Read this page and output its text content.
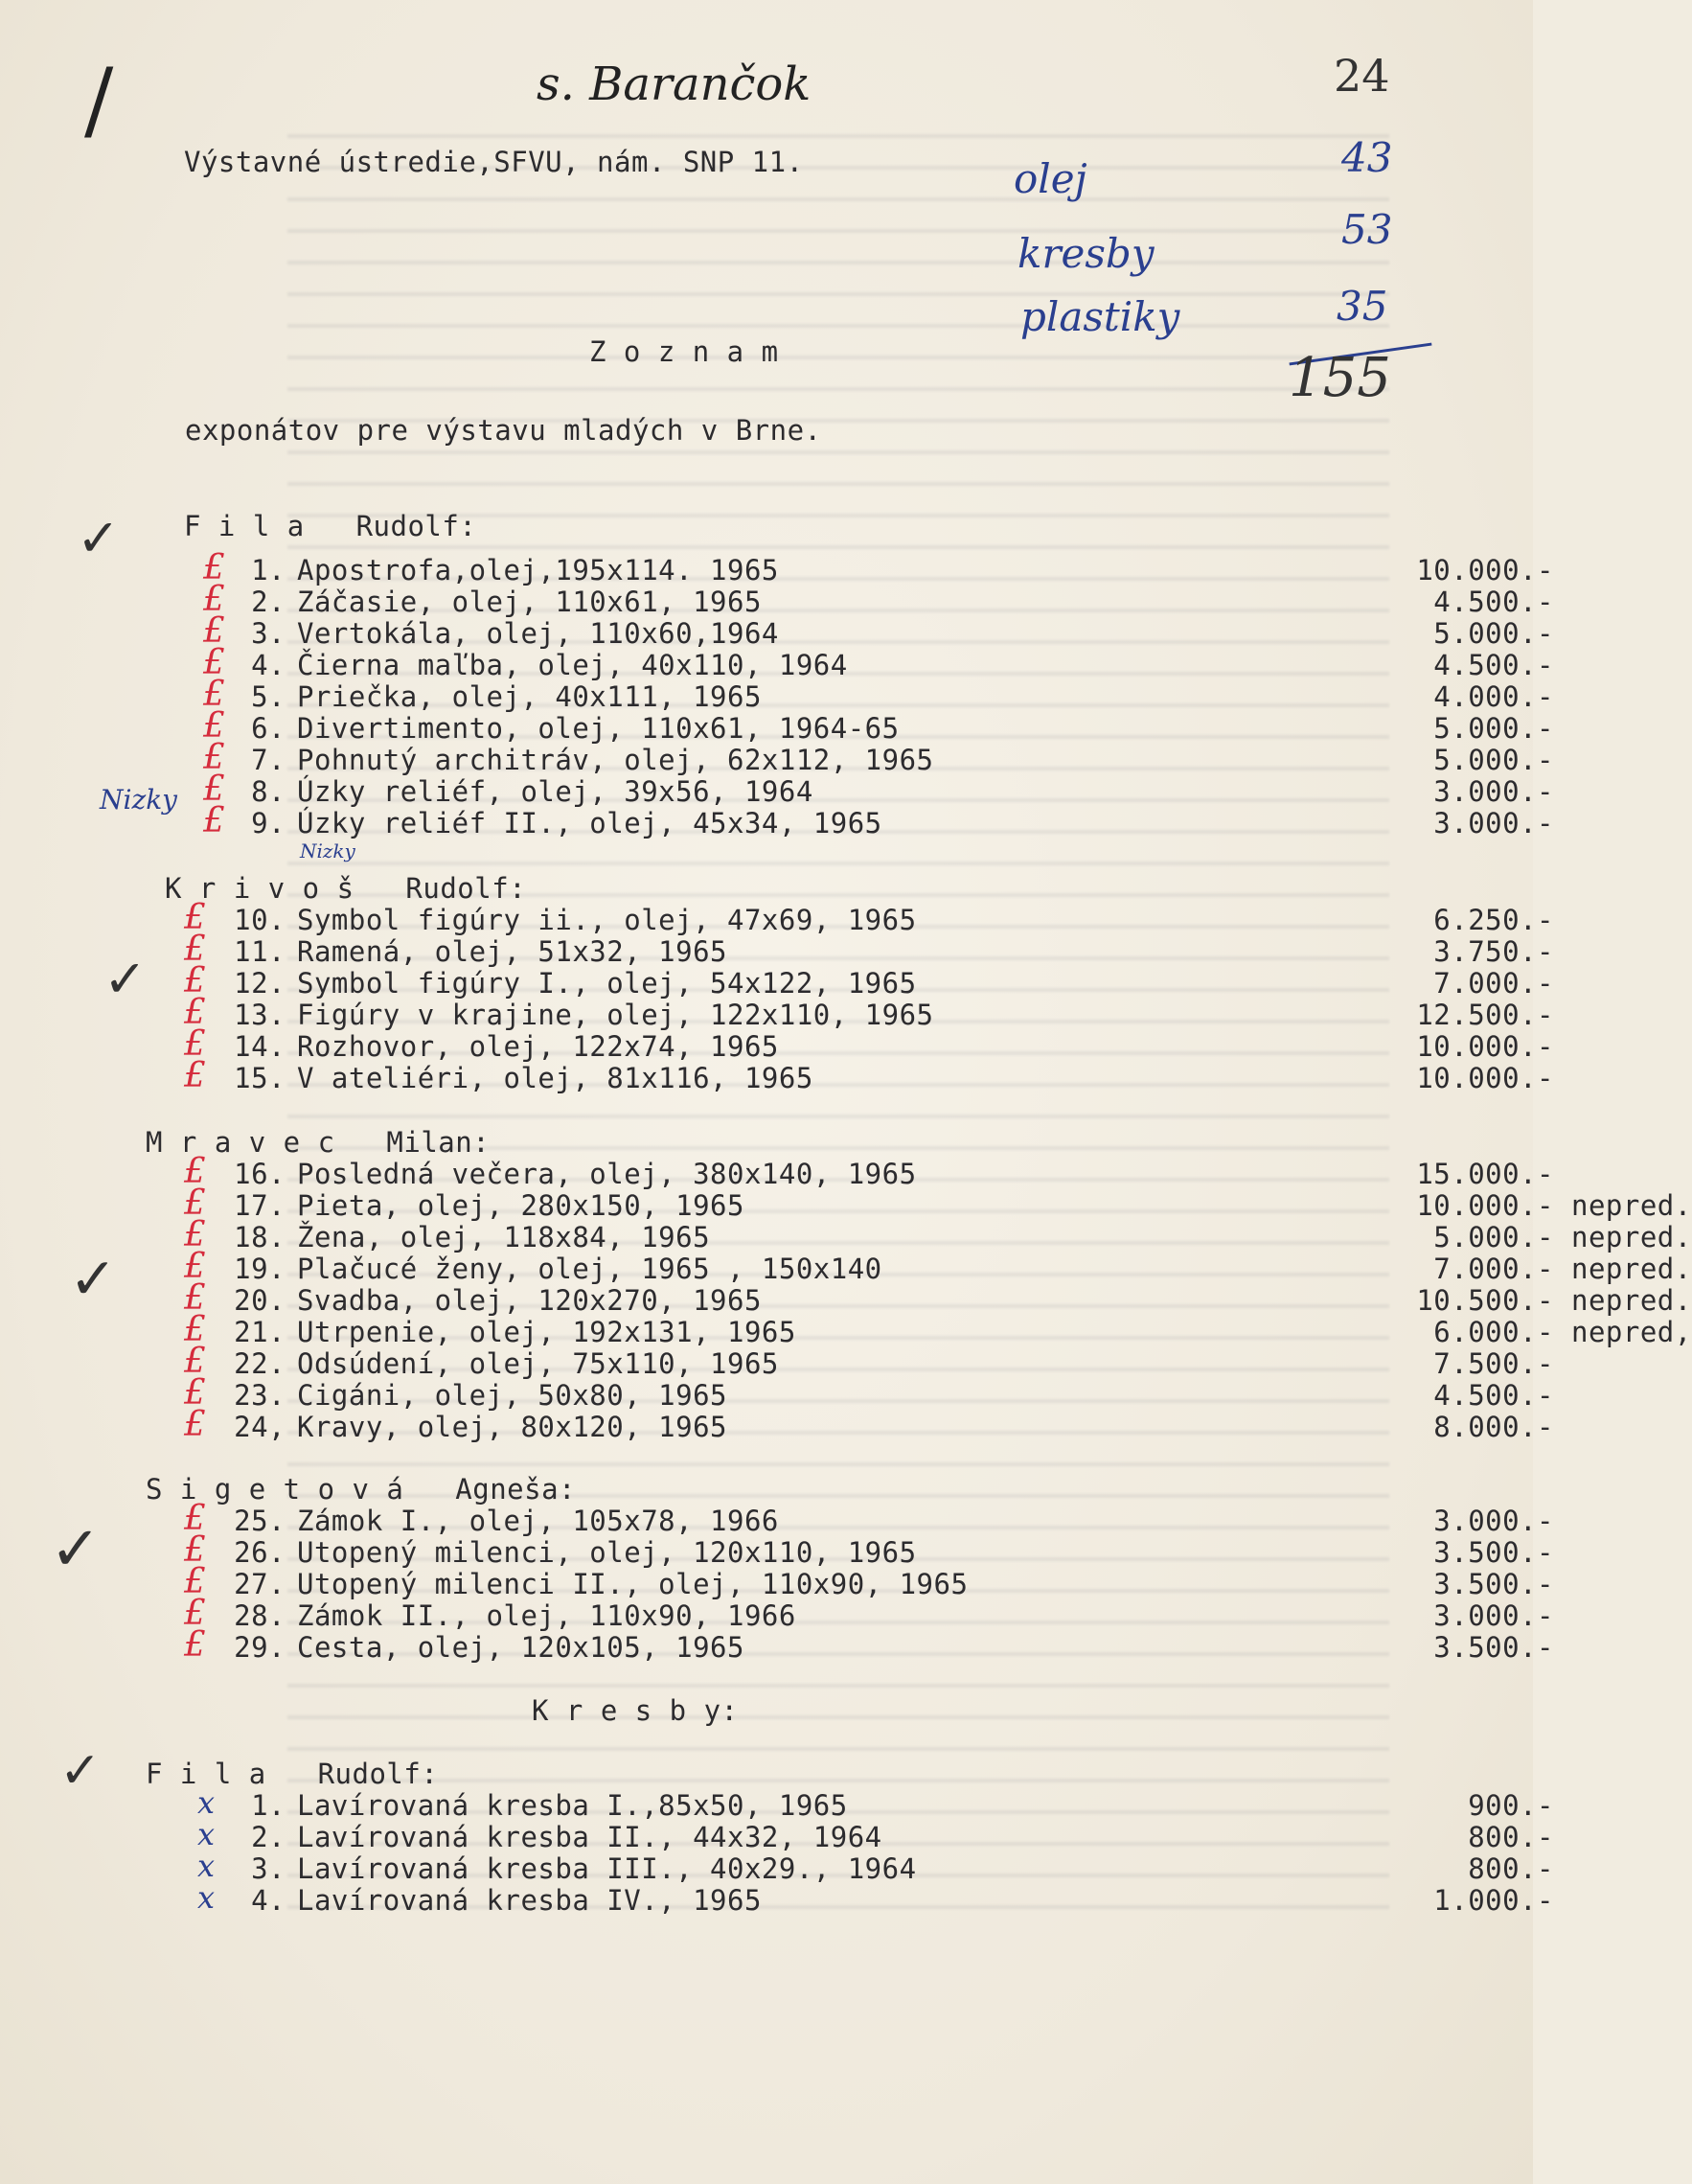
/	s. Barančok
Výstavné ústredie,SFVU, nám. SNP 11.
Z o z n a m
exponátov pre výstavu mladých v Brne.
olej
kresby
plastiky
24
43
53
35
155
✓ F i l a   Rudolf:
1. Apostrofa,olej,195x114. 1965	10.000.-
2. Záčasie, olej, 110x61, 1965	4.500.-
3. Vertokála, olej, 110x60,1964	5.000.-
4. Čierna maľba, olej, 40x110, 1964	4.500.-
5. Priečka, olej, 40x111, 1965	4.000.-
6. Divertimento, olej, 110x61, 1964-65	5.000.-
7. Pohnutý architráv, olej, 62x112, 1965	5.000.-
8. Úzky reliéf, olej, 39x56, 1964	3.000.-
9. Úzky reliéf II., olej, 45x34, 1965	3.000.-
Nizky
Nizky
K r i v o š   Rudolf:
✓
10. Symbol figúry ii., olej, 47x69, 1965	6.250.-
11. Ramená, olej, 51x32, 1965	3.750.-
12. Symbol figúry I., olej, 54x122, 1965	7.000.-
13. Figúry v krajine, olej, 122x110, 1965	12.500.-
14. Rozhovor, olej, 122x74, 1965	10.000.-
15. V ateliéri, olej, 81x116, 1965	10.000.-
M r a v e c   Milan:
✓
16. Posledná večera, olej, 380x140, 1965	15.000.-
17. Pieta, olej, 280x150, 1965	10.000.- nepred.
18. Žena, olej, 118x84, 1965	5.000.- nepred.
19. Plačucé ženy, olej, 1965 , 150x140	7.000.- nepred.
20. Svadba, olej, 120x270, 1965	10.500.- nepred.
21. Utrpenie, olej, 192x131, 1965	6.000.- nepred,
22. Odsúdení, olej, 75x110, 1965	7.500.-
23. Cigáni, olej, 50x80, 1965	4.500.-
24, Kravy, olej, 80x120, 1965	8.000.-
S i g e t o v á   Agneša:
✓	25. Zámok I., olej, 105x78, 1966	3.000.-
26. Utopený milenci, olej, 120x110, 1965	3.500.-
27. Utopený milenci II., olej, 110x90, 1965	3.500.-
28. Zámok II., olej, 110x90, 1966	3.000.-
29. Cesta, olej, 120x105, 1965	3.500.-
K r e s b y:
✓ F i l a   Rudolf:
1. Lavírovaná kresba I.,85x50, 1965	900.-
2. Lavírovaná kresba II., 44x32, 1964	800.-
3. Lavírovaná kresba III., 40x29., 1964	800.-
4. Lavírovaná kresba IV., 1965	1.000.-
£
£
£
£
£
£
£
£
£
£
£
£
£
£
£
£
£
£
£
£
£
£
£
£
£
£
£
£
£
x
x
x
x
